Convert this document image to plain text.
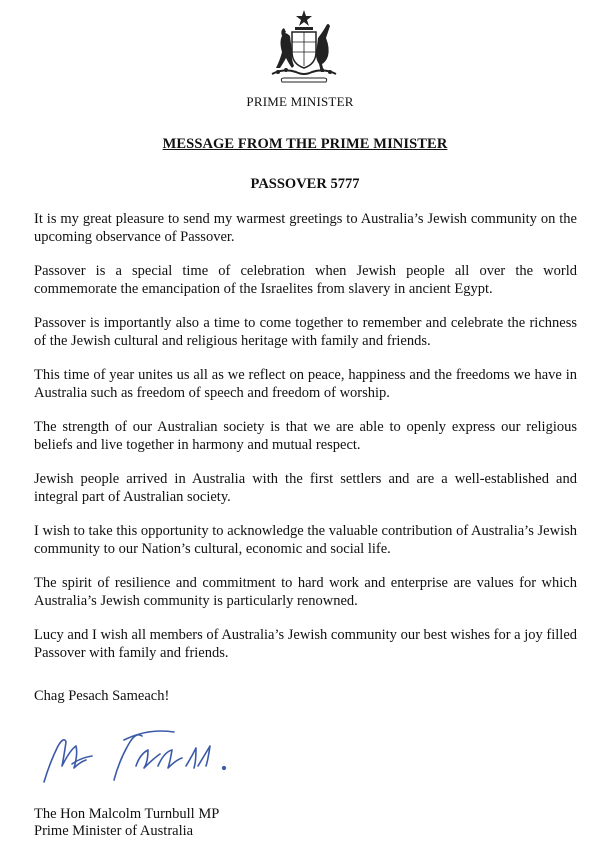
PRIME MINISTER
MESSAGE FROM THE PRIME MINISTER
PASSOVER 5777

It is my great pleasure to send my warmest greetings to Australia’s Jewish community on the upcoming observance of Passover.

Passover is a special time of celebration when Jewish people all over the world commemorate the emancipation of the Israelites from slavery in ancient Egypt.

Passover is importantly also a time to come together to remember and celebrate the richness of the Jewish cultural and religious heritage with family and friends.

This time of year unites us all as we reflect on peace, happiness and the freedoms we have in Australia such as freedom of speech and freedom of worship.

The strength of our Australian society is that we are able to openly express our religious beliefs and live together in harmony and mutual respect.

Jewish people arrived in Australia with the first settlers and are a well-established and integral part of Australian society.

I wish to take this opportunity to acknowledge the valuable contribution of Australia’s Jewish community to our Nation’s cultural, economic and social life.

The spirit of resilience and commitment to hard work and enterprise are values for which Australia’s Jewish community is particularly renowned.

Lucy and I wish all members of Australia’s Jewish community our best wishes for a joy filled Passover with family and friends.

Chag Pesach Sameach!
The Hon Malcolm Turnbull MP
Prime Minister of Australia
